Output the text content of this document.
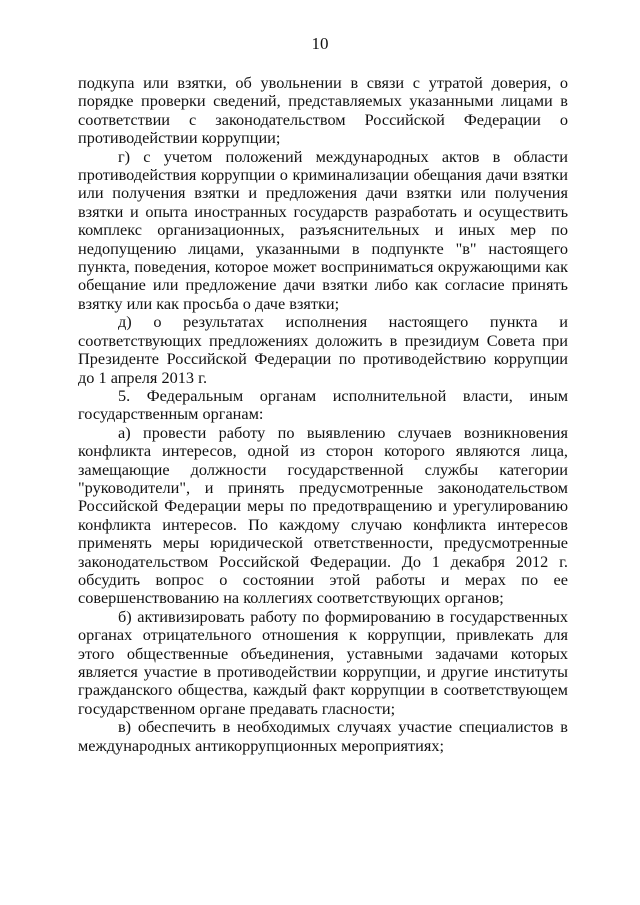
10

подкупа или взятки, об увольнении в связи с утратой доверия, о порядке проверки сведений, представляемых указанными лицами в соответствии с законодательством Российской Федерации о противодействии коррупции;

г) с учетом положений международных актов в области противодействия коррупции о криминализации обещания дачи взятки или получения взятки и предложения дачи взятки или получения взятки и опыта иностранных государств разработать и осуществить комплекс организационных, разъяснительных и иных мер по недопущению лицами, указанными в подпункте "в" настоящего пункта, поведения, которое может восприниматься окружающими как обещание или предложение дачи взятки либо как согласие принять взятку или как просьба о даче взятки;

д) о результатах исполнения настоящего пункта и соответствующих предложениях доложить в президиум Совета при Президенте Российской Федерации по противодействию коррупции до 1 апреля 2013 г.

5. Федеральным органам исполнительной власти, иным государственным органам:

а) провести работу по выявлению случаев возникновения конфликта интересов, одной из сторон которого являются лица, замещающие должности государственной службы категории "руководители", и принять предусмотренные законодательством Российской Федерации меры по предотвращению и урегулированию конфликта интересов. По каждому случаю конфликта интересов применять меры юридической ответственности, предусмотренные законодательством Российской Федерации. До 1 декабря 2012 г. обсудить вопрос о состоянии этой работы и мерах по ее совершенствованию на коллегиях соответствующих органов;

б) активизировать работу по формированию в государственных органах отрицательного отношения к коррупции, привлекать для этого общественные объединения, уставными задачами которых является участие в противодействии коррупции, и другие институты гражданского общества, каждый факт коррупции в соответствующем государственном органе предавать гласности;

в) обеспечить в необходимых случаях участие специалистов в международных антикоррупционных мероприятиях;
